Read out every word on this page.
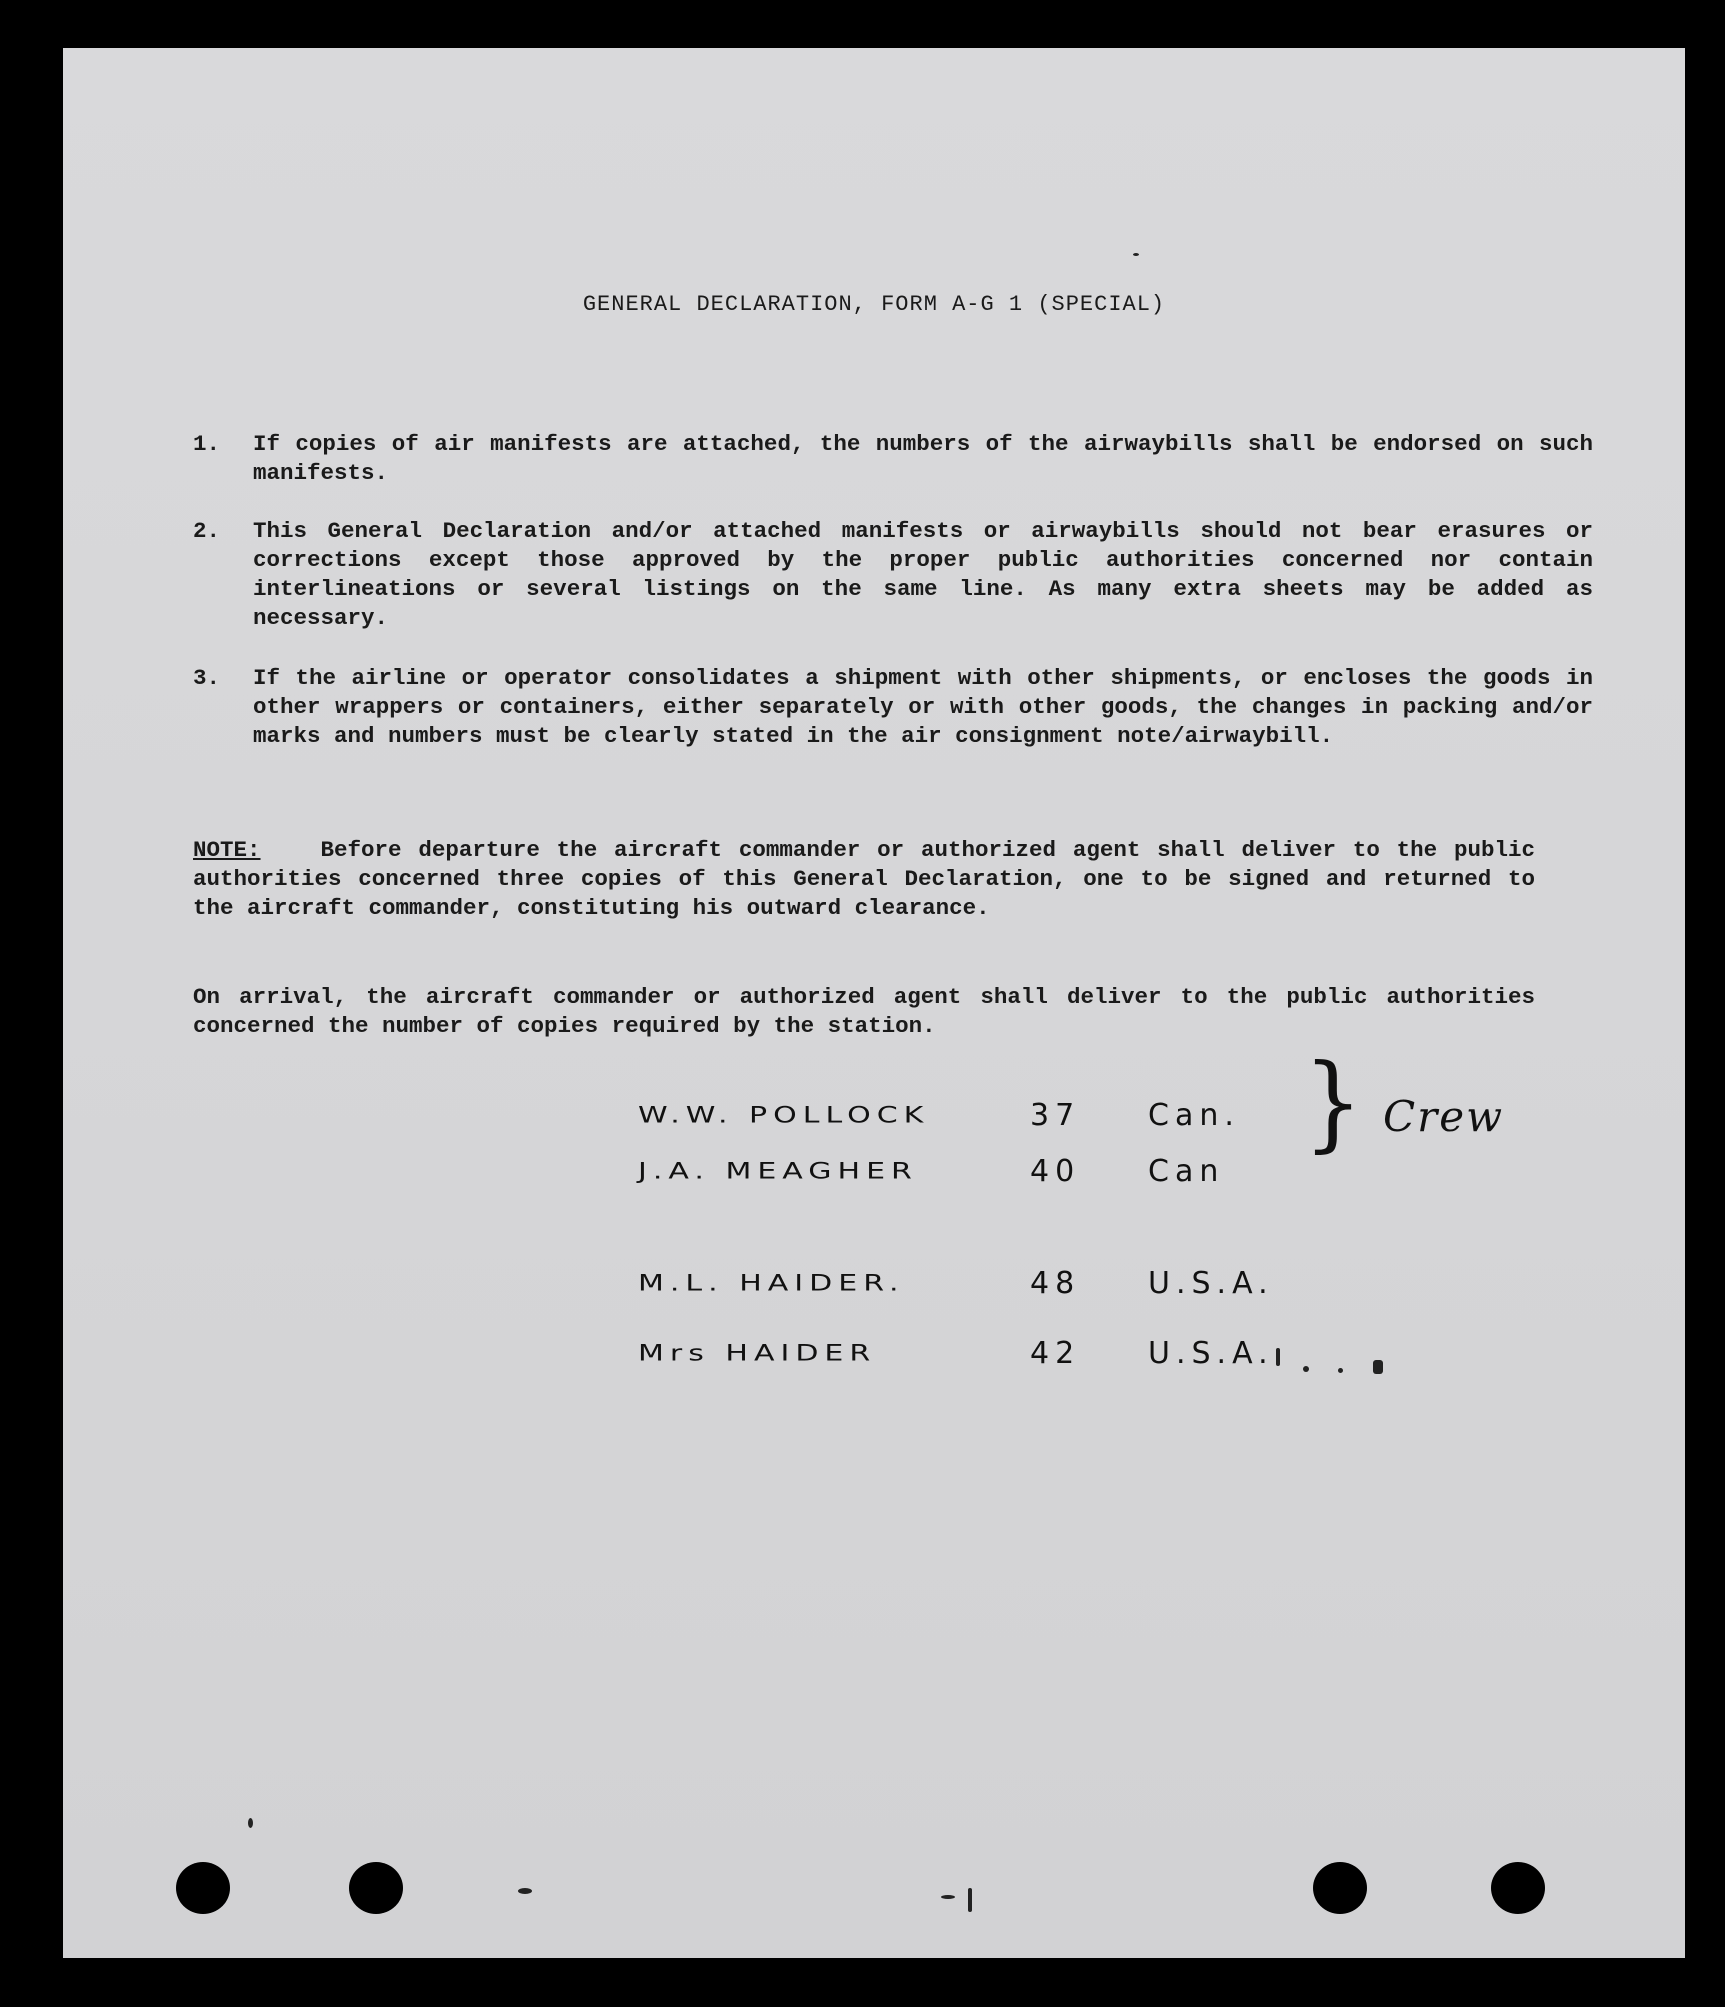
GENERAL DECLARATION, FORM A-G 1 (SPECIAL)
1.	If copies of air manifests are attached, the numbers of the airwaybills shall be endorsed on such manifests.
2.	This General Declaration and/or attached manifests or airwaybills should not bear erasures or corrections except those approved by the proper public authorities concerned nor contain interlineations or several listings on the same line. As many extra sheets may be added as necessary.
3.	If the airline or operator consolidates a shipment with other shipments, or encloses the goods in other wrappers or containers, either separately or with other goods, the changes in packing and/or marks and numbers must be clearly stated in the air consignment note/airwaybill.
NOTE:	Before departure the aircraft commander or authorized agent shall deliver to the public authorities concerned three copies of this General Declaration, one to be signed and returned to the aircraft commander, constituting his outward clearance.
On arrival, the aircraft commander or authorized agent shall deliver to the public authorities concerned the number of copies required by the station.
W.W. POLLOCK	37 Can.
J.A. MEAGHER	40 Can
} Crew
M.L. HAIDER.	48 U.S.A.
Mrs HAIDER	42 U.S.A.
